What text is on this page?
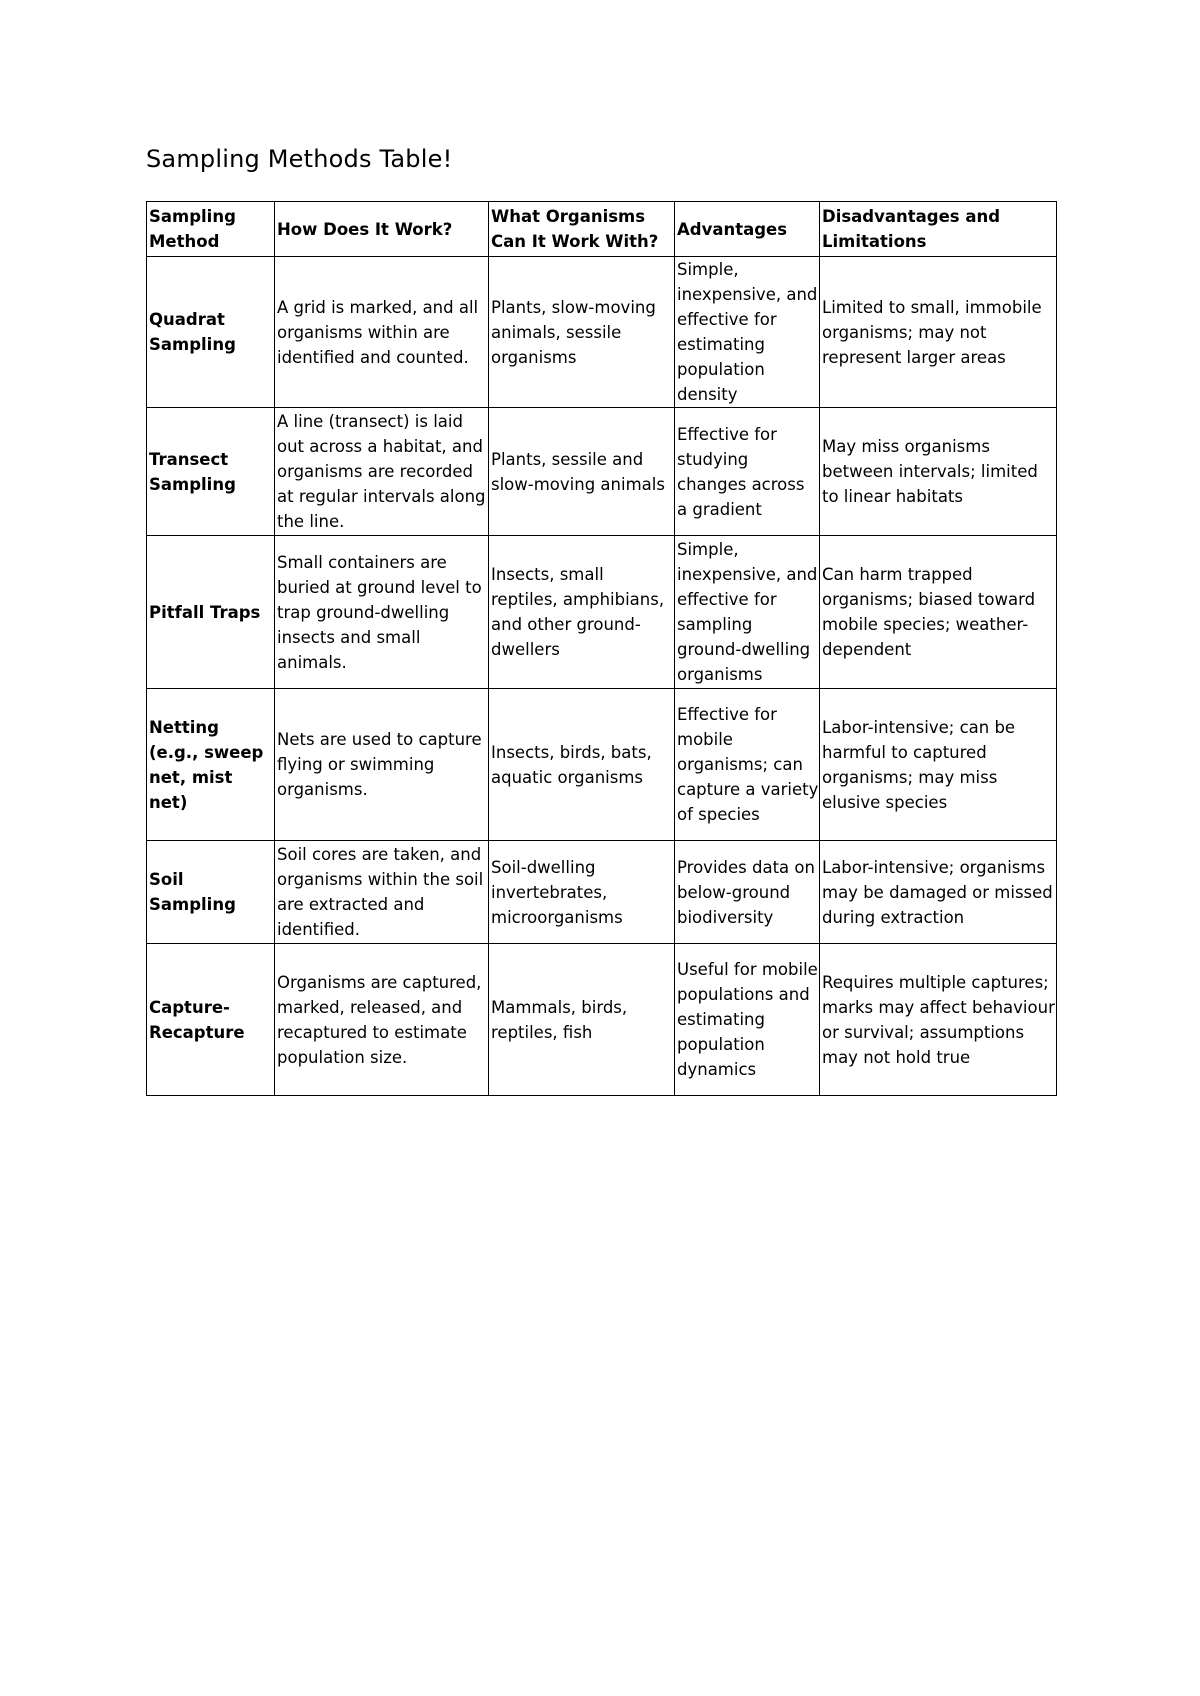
Sampling Methods Table!
Sampling Method	How Does It Work?	What Organisms Can It Work With?	Advantages	Disadvantages and Limitations
Quadrat Sampling	A grid is marked, and all organisms within are identified and counted.	Plants, slow-moving animals, sessile organisms	Simple, inexpensive, and effective for estimating population density	Limited to small, immobile organisms; may not represent larger areas
Transect Sampling	A line (transect) is laid out across a habitat, and organisms are recorded at regular intervals along the line.	Plants, sessile and slow-moving animals	Effective for studying changes across a gradient	May miss organisms between intervals; limited to linear habitats
Pitfall Traps	Small containers are buried at ground level to trap ground-dwelling insects and small animals.	Insects, small reptiles, amphibians, and other ground-dwellers	Simple, inexpensive, and effective for sampling ground-dwelling organisms	Can harm trapped organisms; biased toward mobile species; weather-dependent
Netting (e.g., sweep net, mist net)	Nets are used to capture flying or swimming organisms.	Insects, birds, bats, aquatic organisms	Effective for mobile organisms; can capture a variety of species	Labor-intensive; can be harmful to captured organisms; may miss elusive species
Soil Sampling	Soil cores are taken, and organisms within the soil are extracted and identified.	Soil-dwelling invertebrates, microorganisms	Provides data on below-ground biodiversity	Labor-intensive; organisms may be damaged or missed during extraction
Capture-Recapture	Organisms are captured, marked, released, and recaptured to estimate population size.	Mammals, birds, reptiles, fish	Useful for mobile populations and estimating population dynamics	Requires multiple captures; marks may affect behaviour or survival; assumptions may not hold true
